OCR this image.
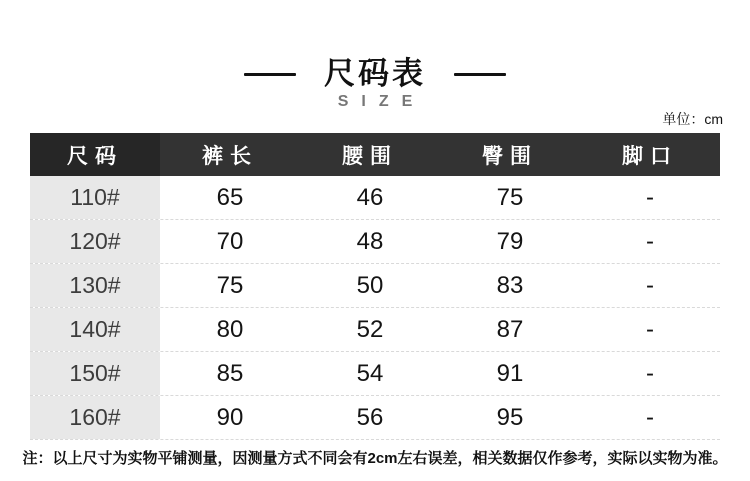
尺码表
SIZE
单位：cm
尺码	裤长	腰围	臀围	脚口
110#	65	46	75	-
120#	70	48	79	-
130#	75	50	83	-
140#	80	52	87	-
150#	85	54	91	-
160#	90	56	95	-
注：以上尺寸为实物平铺测量，因测量方式不同会有2cm左右误差，相关数据仅作参考，实际以实物为准。
